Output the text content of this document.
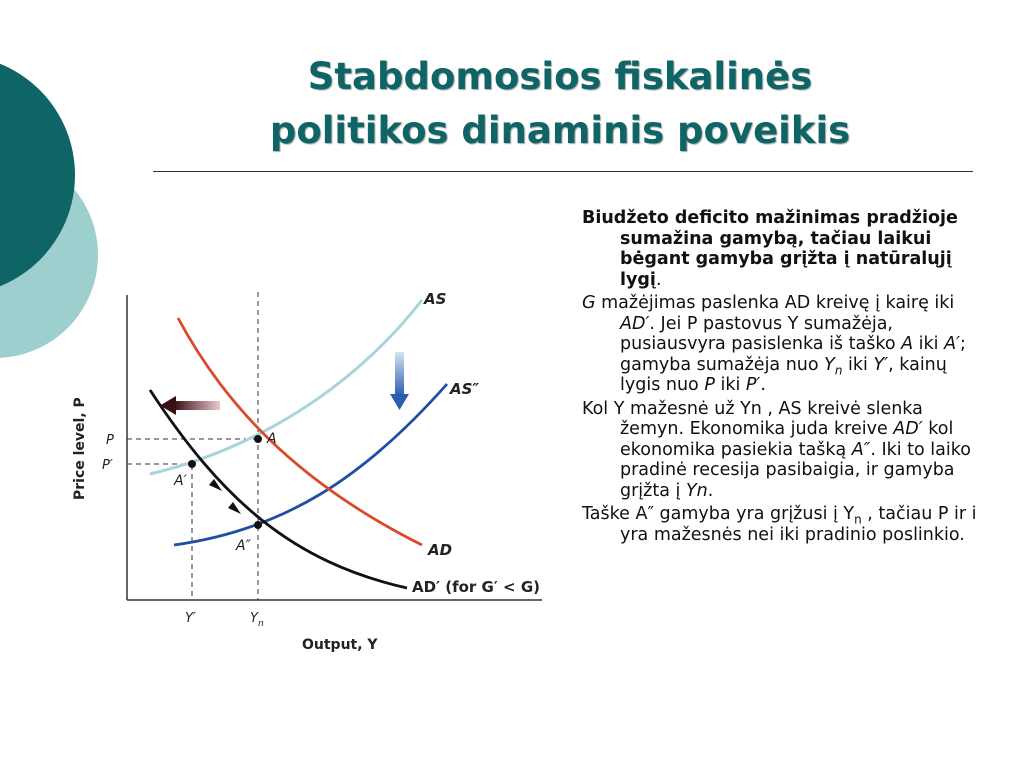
Stabdomosios fiskalinės
politikos dinaminis poveikis
A
A′
A″
AS
AS″
AD
AD′ (for G′ < G)
P
P′
Y′	$Y_n$
Output, Y
Price level, P

Biudžeto deficito mažinimas pradžioje sumažina gamybą, tačiau laikui bėgant gamyba grįžta į natūralųjį lygį.

G mažėjimas paslenka AD kreivę į kairę iki AD′. Jei P pastovus Y sumažėja, pusiausvyra pasislenka iš taško A iki A′; gamyba sumažėja nuo $Y_n$ iki Y′, kainų lygis nuo P iki P′.

Kol Y mažesnė už Yn , AS kreivė slenka žemyn. Ekonomika juda kreive AD′ kol ekonomika pasiekia tašką A″. Iki to laiko pradinė recesija pasibaigia, ir gamyba grįžta į Yn.

Taške A″ gamyba yra grįžusi į $Y_n$ , tačiau P ir i yra mažesnės nei iki pradinio poslinkio.
